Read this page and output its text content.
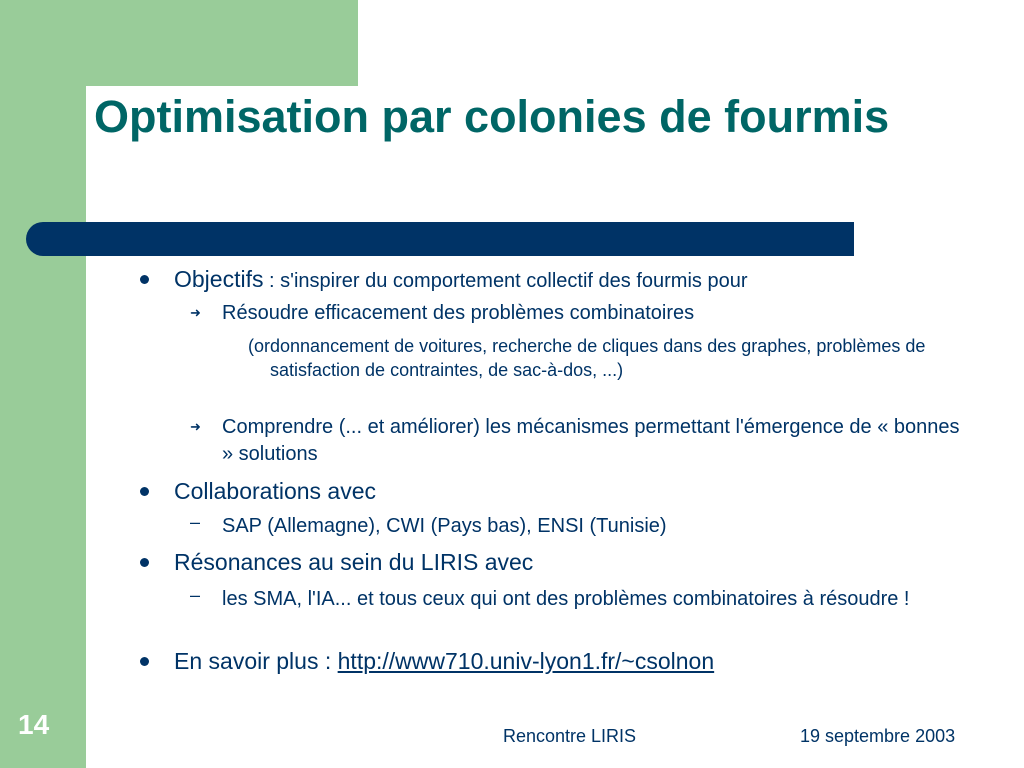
Optimisation par colonies de fourmis

Objectifs : s'inspirer du comportement collectif des fourmis pour

➜ Résoudre efficacement des problèmes combinatoires

(ordonnancement de voitures, recherche de cliques dans des graphes, problèmes de satisfaction de contraintes, de sac-à-dos, ...)

➜ Comprendre (... et améliorer) les mécanismes permettant l'émergence de « bonnes » solutions

Collaborations avec

– SAP (Allemagne), CWI (Pays bas), ENSI (Tunisie)

Résonances au sein du LIRIS avec

– les SMA, l'IA... et tous ceux qui ont des problèmes combinatoires à résoudre !

En savoir plus : http://www710.univ-lyon1.fr/~csolnon

14	Rencontre LIRIS	19 septembre 2003
